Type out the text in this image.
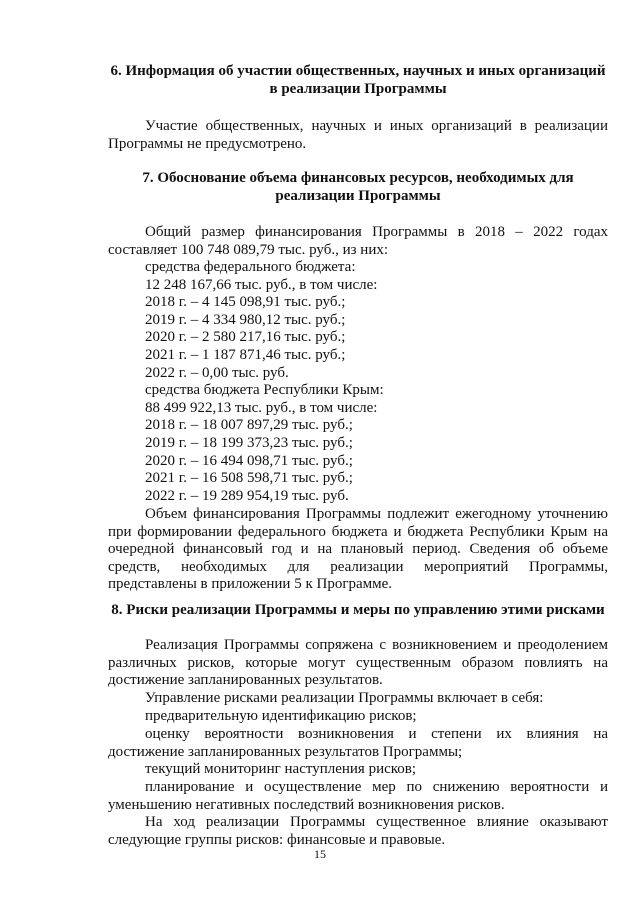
6. Информация об участии общественных, научных и иных организаций
в реализации Программы
Участие общественных, научных и иных организаций в реализации Программы не предусмотрено.
7. Обоснование объема финансовых ресурсов, необходимых для
реализации Программы
Общий размер финансирования Программы в 2018 – 2022 годах составляет 100 748 089,79 тыс. руб., из них:
средства федерального бюджета:
12 248 167,66 тыс. руб., в том числе:
2018 г. – 4 145 098,91 тыс. руб.;
2019 г. – 4 334 980,12 тыс. руб.;
2020 г. – 2 580 217,16 тыс. руб.;
2021 г. – 1 187 871,46 тыс. руб.;
2022 г. – 0,00 тыс. руб.
средства бюджета Республики Крым:
88 499 922,13 тыс. руб., в том числе:
2018 г. – 18 007 897,29 тыс. руб.;
2019 г. – 18 199 373,23 тыс. руб.;
2020 г. – 16 494 098,71 тыс. руб.;
2021 г. – 16 508 598,71 тыс. руб.;
2022 г. – 19 289 954,19 тыс. руб.
Объем финансирования Программы подлежит ежегодному уточнению при формировании федерального бюджета и бюджета Республики Крым на очередной финансовый год и на плановый период. Сведения об объеме средств, необходимых для реализации мероприятий Программы, представлены в приложении 5 к Программе.
8. Риски реализации Программы и меры по управлению этими рисками
Реализация Программы сопряжена с возникновением и преодолением различных рисков, которые могут существенным образом повлиять на достижение запланированных результатов.
Управление рисками реализации Программы включает в себя:
предварительную идентификацию рисков;
оценку вероятности возникновения и степени их влияния на достижение запланированных результатов Программы;
текущий мониторинг наступления рисков;
планирование и осуществление мер по снижению вероятности и уменьшению негативных последствий возникновения рисков.
На ход реализации Программы существенное влияние оказывают следующие группы рисков: финансовые и правовые.
15
